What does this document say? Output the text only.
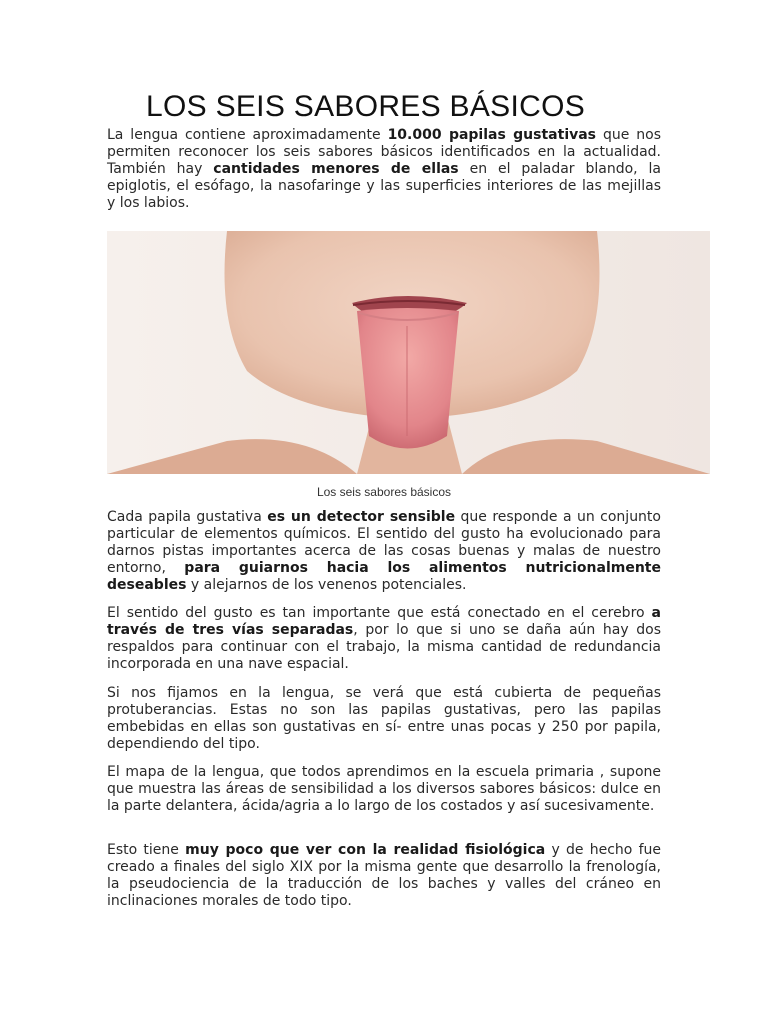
LOS SEIS SABORES BÁSICOS

La lengua contiene aproximadamente 10.000 papilas gustativas que nos permiten reconocer los seis sabores básicos identificados en la actualidad. También hay cantidades menores de ellas en el paladar blando, la epiglotis, el esófago, la nasofaringe y las superficies interiores de las mejillas y los labios.

Los seis sabores básicos

Cada papila gustativa es un detector sensible que responde a un conjunto particular de elementos químicos. El sentido del gusto ha evolucionado para darnos pistas importantes acerca de las cosas buenas y malas de nuestro entorno, para guiarnos hacia los alimentos nutricionalmente deseables y alejarnos de los venenos potenciales.

El sentido del gusto es tan importante que está conectado en el cerebro a través de tres vías separadas, por lo que si uno se daña aún hay dos respaldos para continuar con el trabajo, la misma cantidad de redundancia incorporada en una nave espacial.

Si nos fijamos en la lengua, se verá que está cubierta de pequeñas protuberancias. Estas no son las papilas gustativas, pero las papilas embebidas en ellas son gustativas en sí- entre unas pocas y 250 por papila, dependiendo del tipo.

El mapa de la lengua, que todos aprendimos en la escuela primaria , supone que muestra las áreas de sensibilidad a los diversos sabores básicos: dulce en la parte delantera, ácida/agria a lo largo de los costados y así sucesivamente.

Esto tiene muy poco que ver con la realidad fisiológica y de hecho fue creado a finales del siglo XIX por la misma gente que desarrollo la frenología, la pseudociencia de la traducción de los baches y valles del cráneo en inclinaciones morales de todo tipo.
